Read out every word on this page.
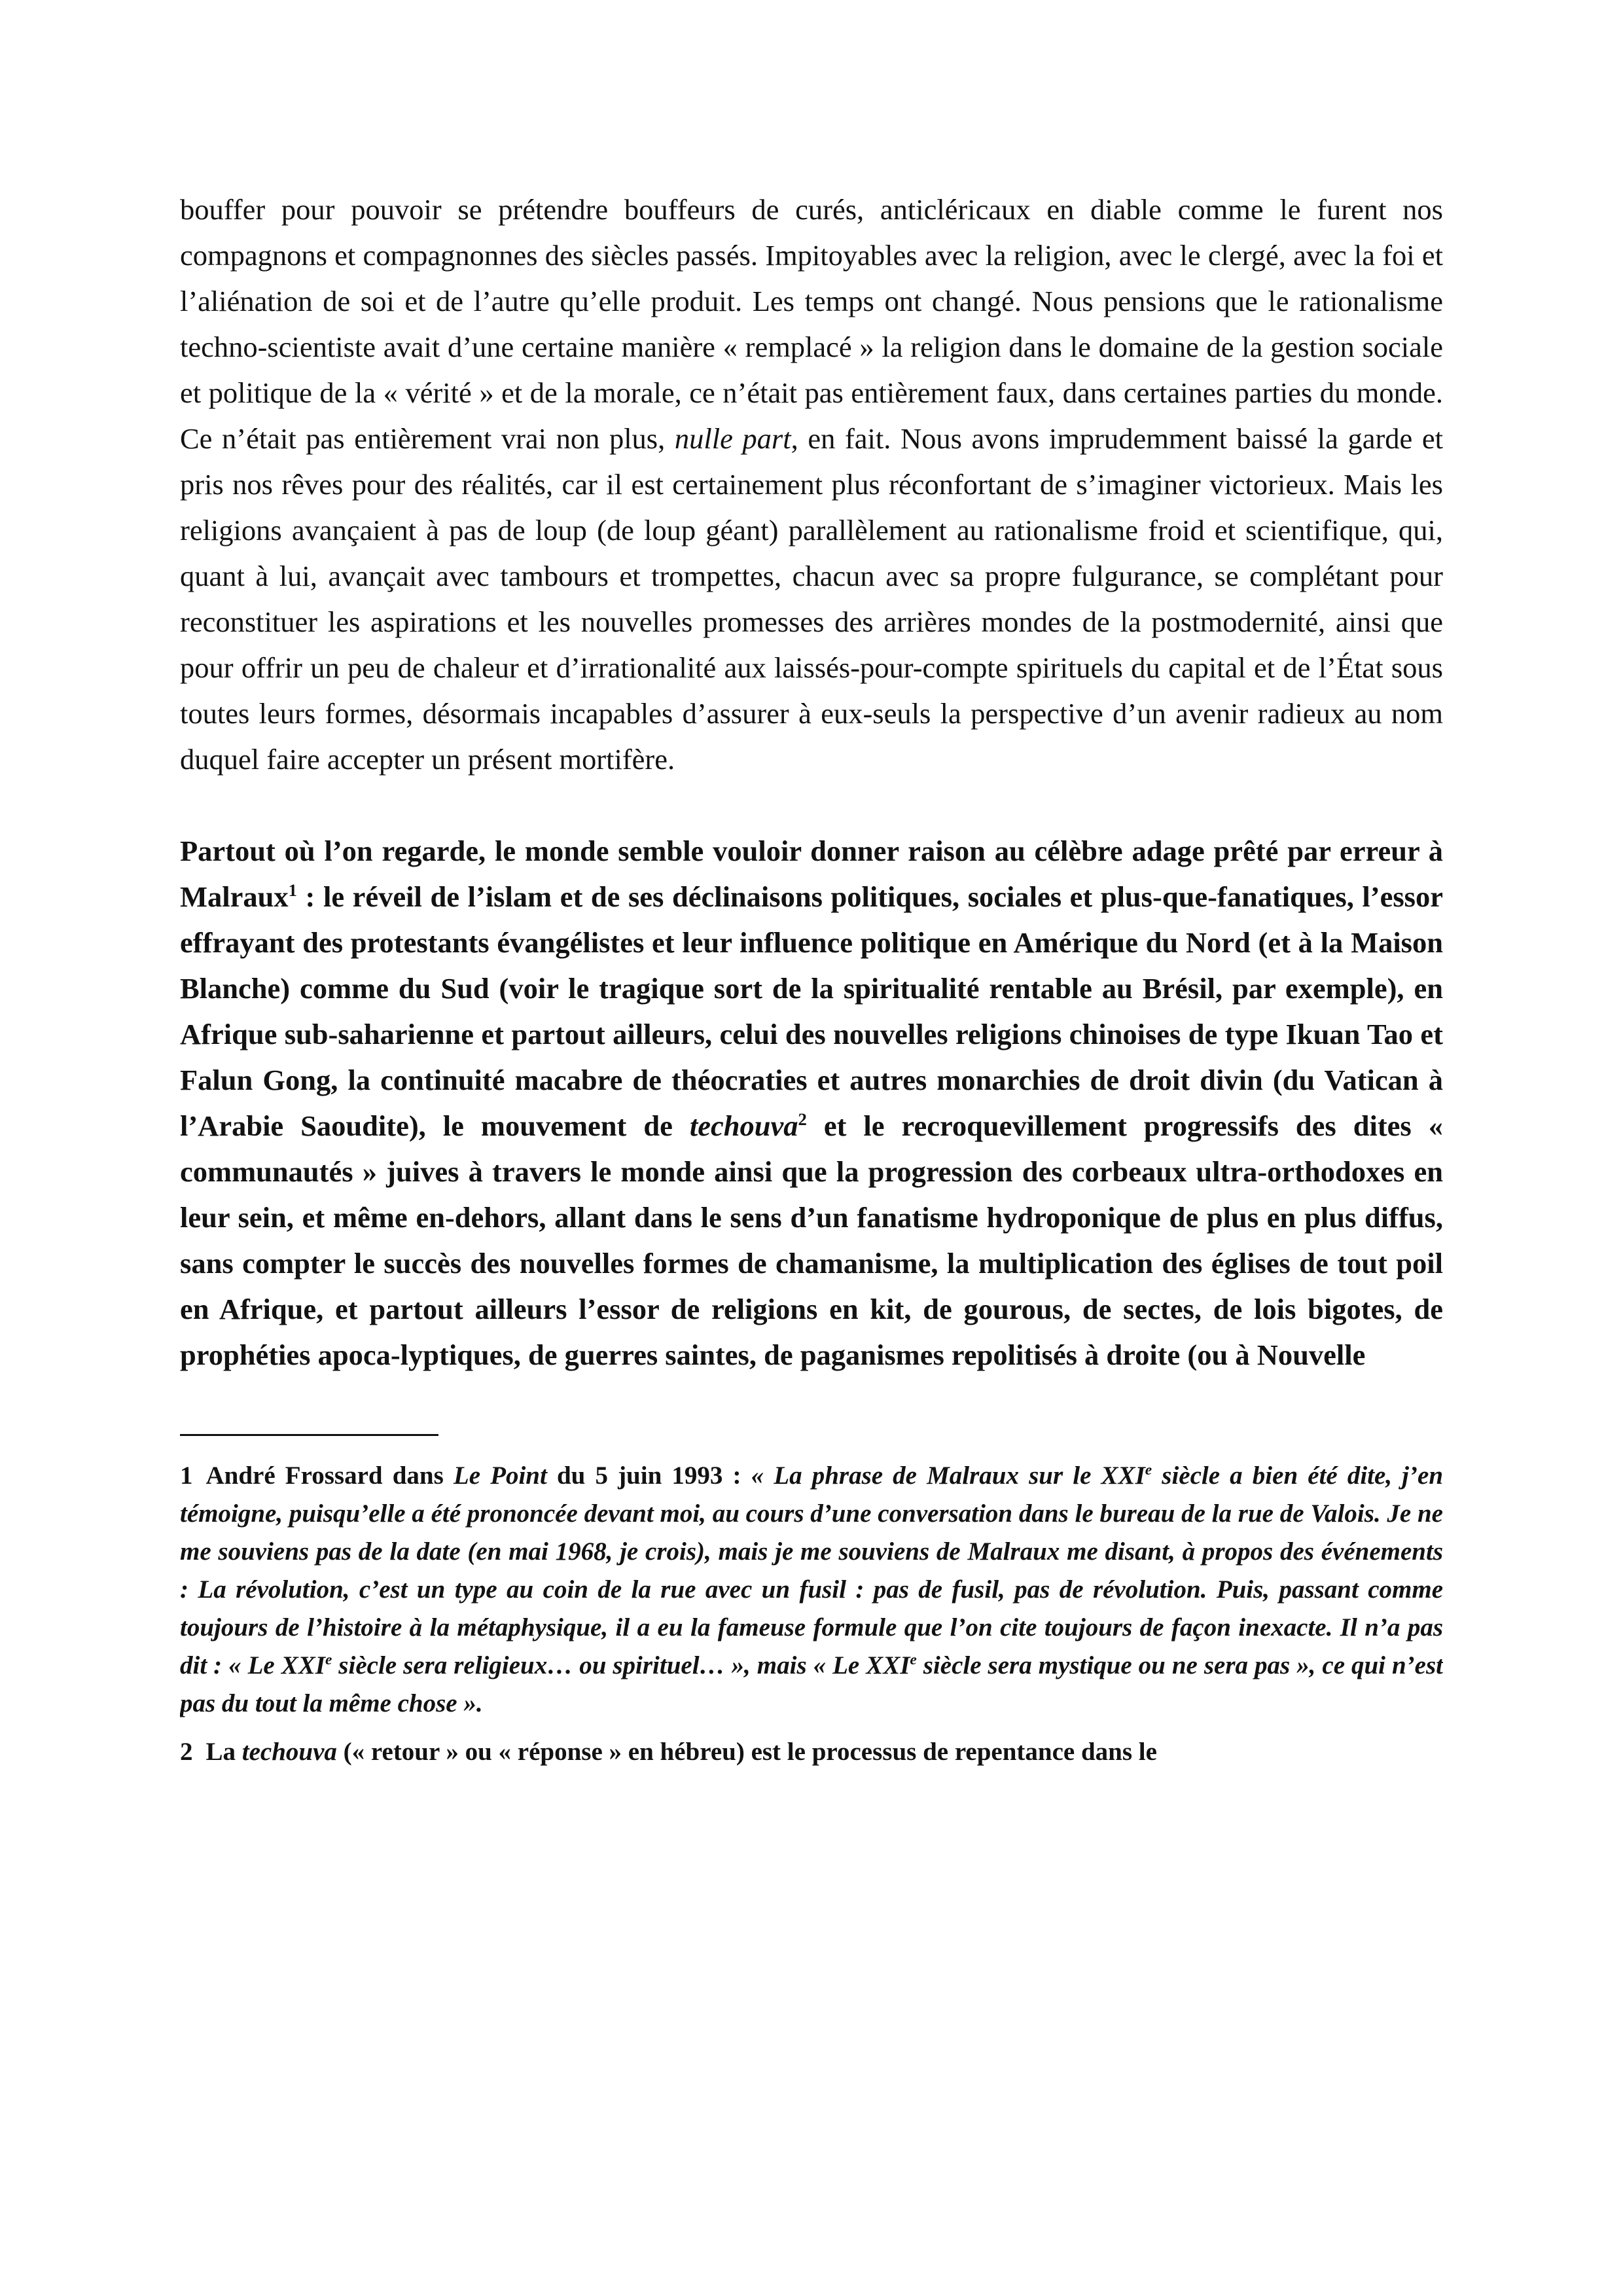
bouffer pour pouvoir se prétendre bouffeurs de curés, anticléricaux en diable comme le furent nos compagnons et compagnonnes des siècles passés. Impitoyables avec la religion, avec le clergé, avec la foi et l’aliénation de soi et de l’autre qu’elle produit. Les temps ont changé. Nous pensions que le rationalisme techno-scientiste avait d’une certaine manière « remplacé » la religion dans le domaine de la gestion sociale et politique de la « vérité » et de la morale, ce n’était pas entièrement faux, dans certaines parties du monde. Ce n’était pas entièrement vrai non plus, nulle part, en fait. Nous avons imprudemment baissé la garde et pris nos rêves pour des réalités, car il est certainement plus réconfortant de s’imaginer victorieux. Mais les religions avançaient à pas de loup (de loup géant) parallèlement au rationalisme froid et scientifique, qui, quant à lui, avançait avec tambours et trompettes, chacun avec sa propre fulgurance, se complétant pour reconstituer les aspirations et les nouvelles promesses des arrières mondes de la postmodernité, ainsi que pour offrir un peu de chaleur et d’irrationalité aux laissés-pour-compte spirituels du capital et de l’État sous toutes leurs formes, désormais incapables d’assurer à eux-seuls la perspective d’un avenir radieux au nom duquel faire accepter un présent mortifère.

Partout où l’on regarde, le monde semble vouloir donner raison au célèbre adage prêté par erreur à Malraux$^1$ : le réveil de l’islam et de ses déclinaisons politiques, sociales et plus-que-fanatiques, l’essor effrayant des protestants évangélistes et leur influence politique en Amérique du Nord (et à la Maison Blanche) comme du Sud (voir le tragique sort de la spiritualité rentable au Brésil, par exemple), en Afrique sub-saharienne et partout ailleurs, celui des nouvelles religions chinoises de type Ikuan Tao et Falun Gong, la continuité macabre de théocraties et autres monarchies de droit divin (du Vatican à l’Arabie Saoudite), le mouvement de techouva$^2$ et le recroquevillement progressifs des dites « communautés » juives à travers le monde ainsi que la progression des corbeaux ultra-orthodoxes en leur sein, et même en-dehors, allant dans le sens d’un fanatisme hydroponique de plus en plus diffus, sans compter le succès des nouvelles formes de chamanisme, la multiplication des églises de tout poil en Afrique, et partout ailleurs l’essor de religions en kit, de gourous, de sectes, de lois bigotes, de prophéties apoca-lyptiques, de guerres saintes, de paganismes repolitisés à droite (ou à Nouvelle

1 André Frossard dans Le Point du 5 juin 1993 : « La phrase de Malraux sur le XXIe siècle a bien été dite, j’en témoigne, puisqu’elle a été prononcée devant moi, au cours d’une conversation dans le bureau de la rue de Valois. Je ne me souviens pas de la date (en mai 1968, je crois), mais je me souviens de Malraux me disant, à propos des événements : La révolution, c’est un type au coin de la rue avec un fusil : pas de fusil, pas de révolution. Puis, passant comme toujours de l’histoire à la métaphysique, il a eu la fameuse formule que l’on cite toujours de façon inexacte. Il n’a pas dit : « Le XXIe siècle sera religieux… ou spirituel… », mais « Le XXIe siècle sera mystique ou ne sera pas », ce qui n’est pas du tout la même chose ».

2 La techouva (« retour » ou « réponse » en hébreu) est le processus de repentance dans le
